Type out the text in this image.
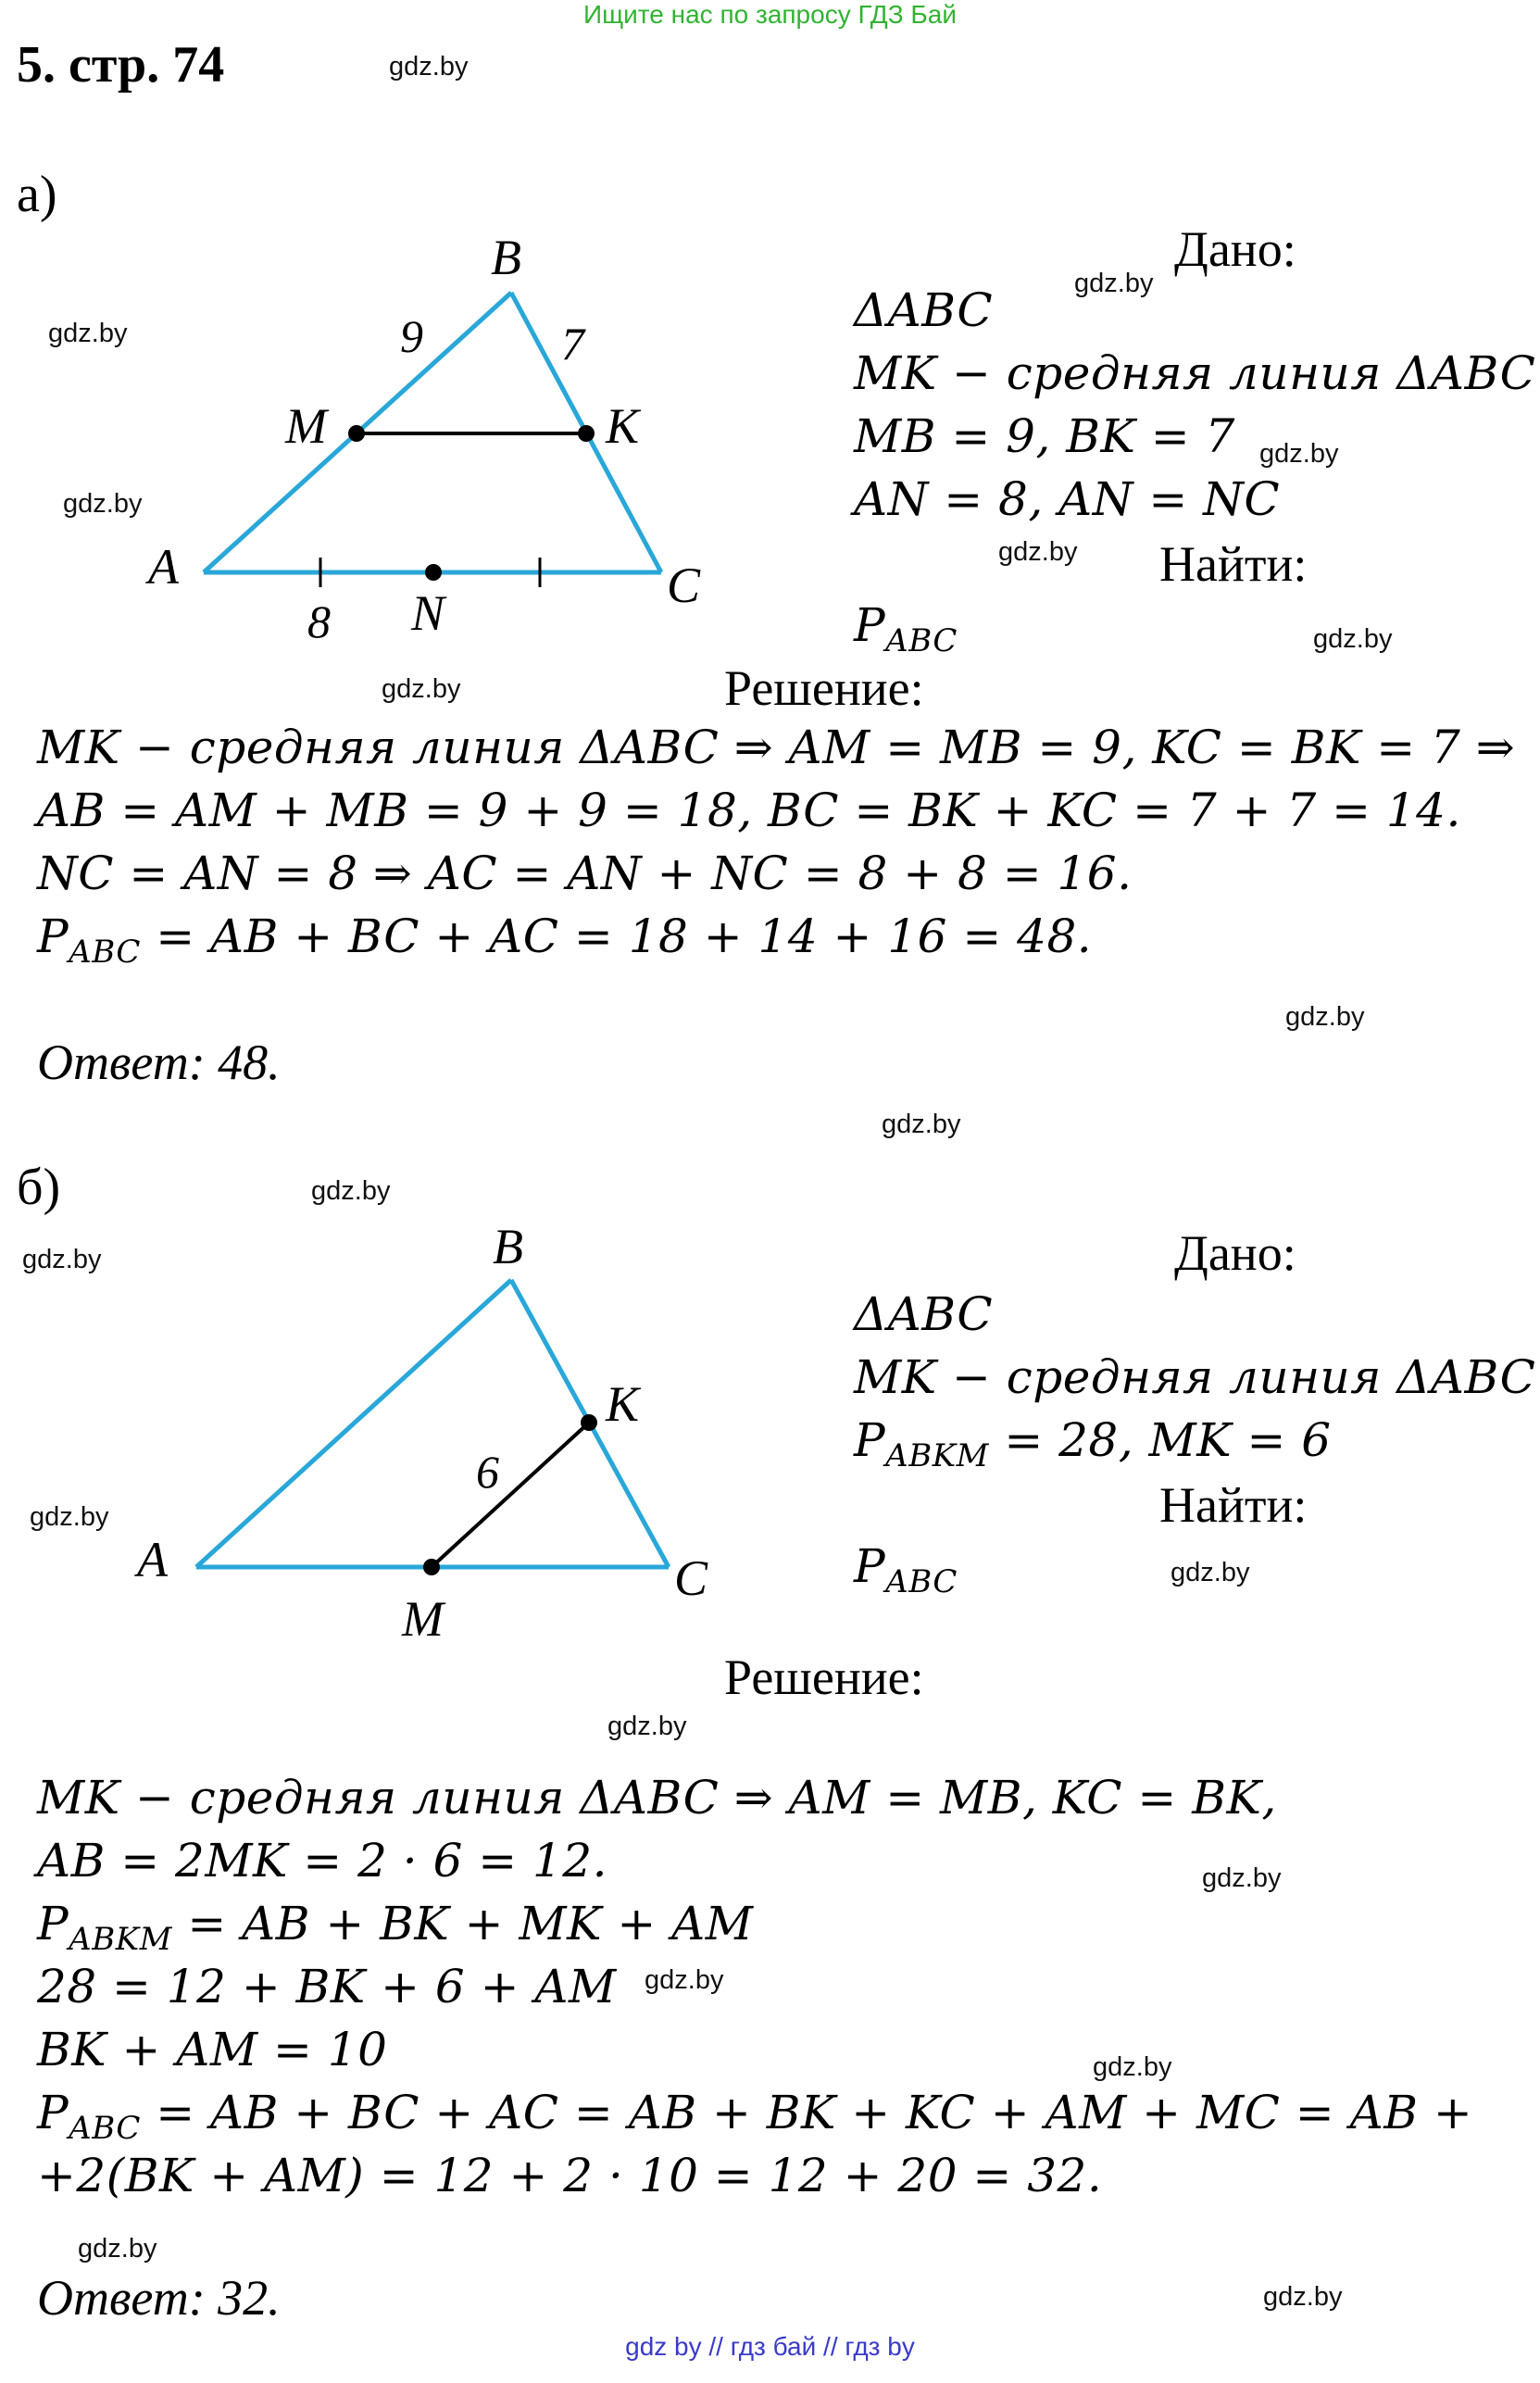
Ищите нас по запросу ГДЗ Бай
5. стр. 74	gdz.by
gdz.by
gdz.by
gdz.by
gdz.by
gdz.by
gdz.by
gdz.by
gdz.by
gdz.by
gdz.by
gdz.by
gdz.by
gdz.by
gdz.by
gdz.by
gdz.by
gdz.by
gdz.by
gdz.by
а)
B
A	C
M	K
N
9	7
8
Дано:
ΔABC
MK − средняя линия ΔABC
MB = 9, BK = 7
AN = 8, AN = NC
Найти:
$P_{ABC}$
Решение:
MK − средняя линия ΔABC ⇒ AM = MB = 9, KC = BK = 7 ⇒
AB = AM + MB = 9 + 9 = 18, BC = BK + KC = 7 + 7 = 14.
NC = AN = 8 ⇒ AC = AN + NC = 8 + 8 = 16.
$P_{ABC}$ = AB + BC + AC = 18 + 14 + 16 = 48.
Ответ: 48.
б)
B
A	C
M
K
6
Дано:
ΔABC
MK − средняя линия ΔABC
$P_{ABKM} = 28$, MK = 6
Найти:
$P_{ABC}$
Решение:
MK − средняя линия ΔABC ⇒ AM = MB, KC = BK,
AB = 2MK = 2 · 6 = 12.
$P_{ABKM}$ = AB + BK + MK + AM
28 = 12 + BK + 6 + AM
BK + AM = 10
$P_{ABC}$ = AB + BC + AC = AB + BK + KC + AM + MC = AB +
+2(BK + AM) = 12 + 2 · 10 = 12 + 20 = 32.
Ответ: 32.
gdz by // гдз бай // гдз by
